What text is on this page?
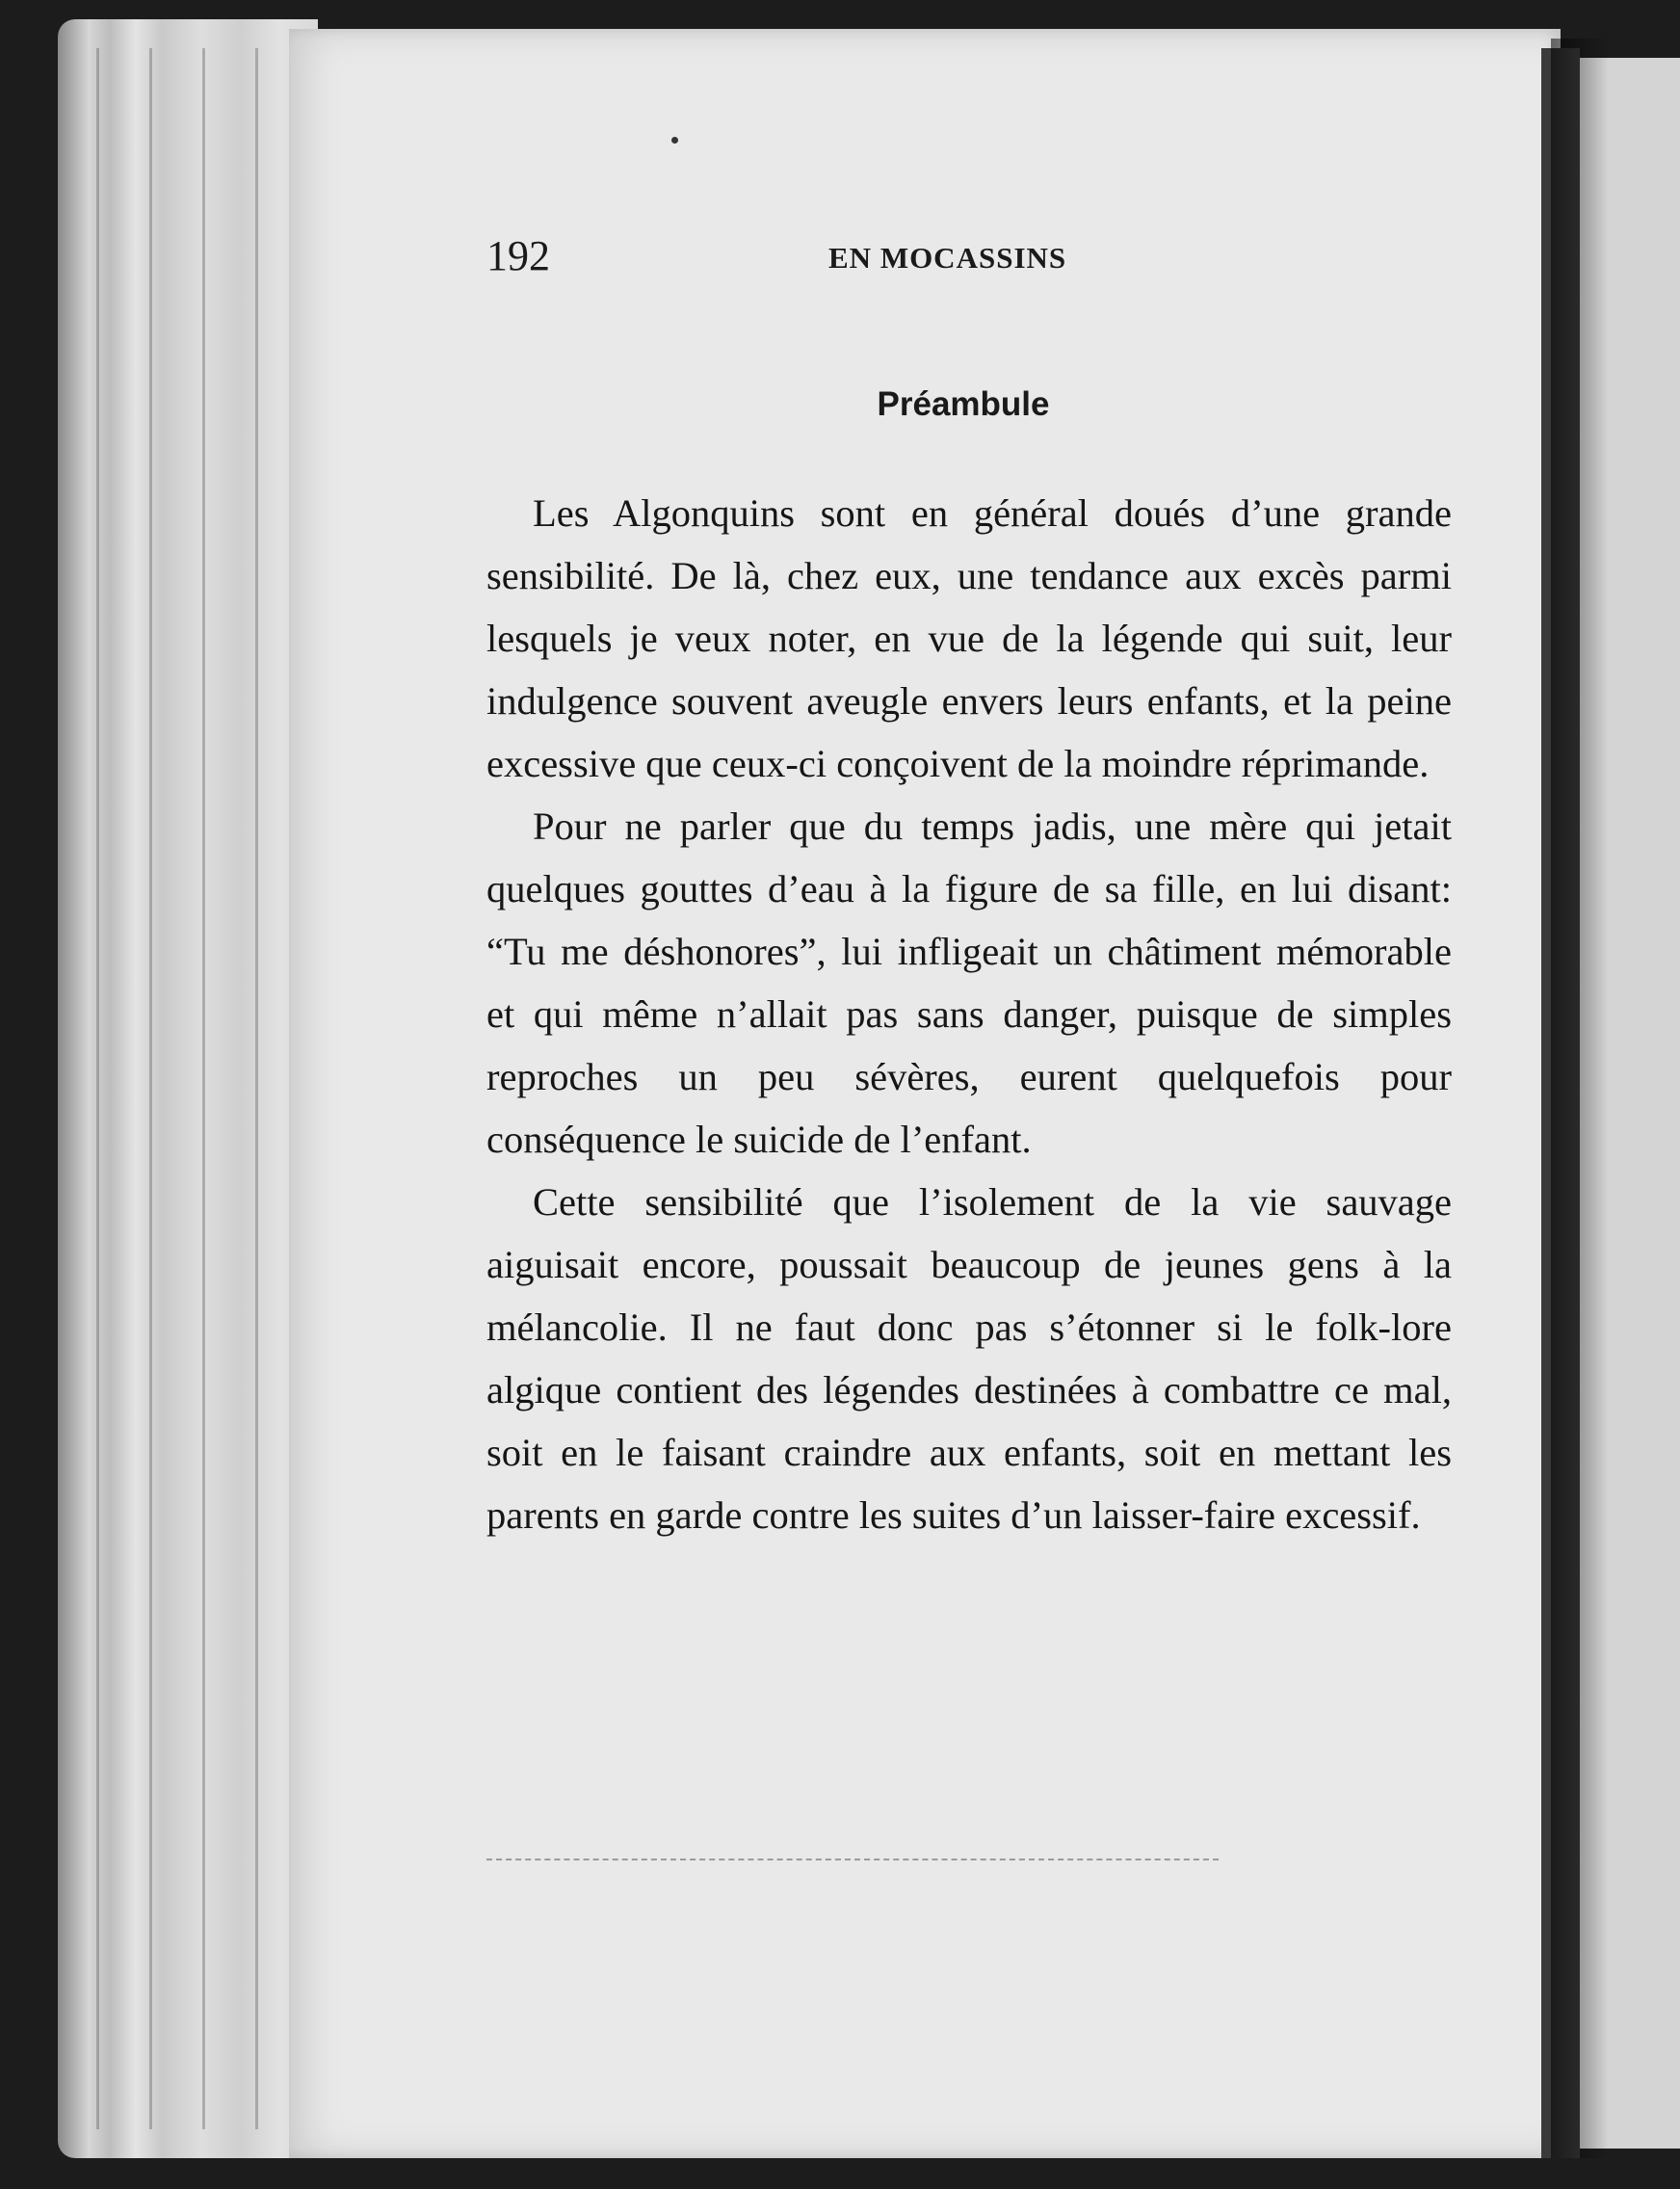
192	EN MOCASSINS
Préambule

Les Algonquins sont en général doués d’une grande sensibilité. De là, chez eux, une tendance aux excès parmi lesquels je veux noter, en vue de la légende qui suit, leur indulgence souvent aveugle envers leurs enfants, et la peine excessive que ceux-ci conçoivent de la moindre réprimande.

Pour ne parler que du temps jadis, une mère qui jetait quelques gouttes d’eau à la figure de sa fille, en lui disant: “Tu me déshonores”, lui infligeait un châtiment mémorable et qui même n’allait pas sans danger, puisque de simples reproches un peu sévères, eurent quelquefois pour conséquence le suicide de l’enfant.

Cette sensibilité que l’isolement de la vie sauvage aiguisait encore, poussait beaucoup de jeunes gens à la mélancolie. Il ne faut donc pas s’étonner si le folk-lore algique contient des légendes destinées à combattre ce mal, soit en le faisant craindre aux enfants, soit en mettant les parents en garde contre les suites d’un laisser-faire excessif.
